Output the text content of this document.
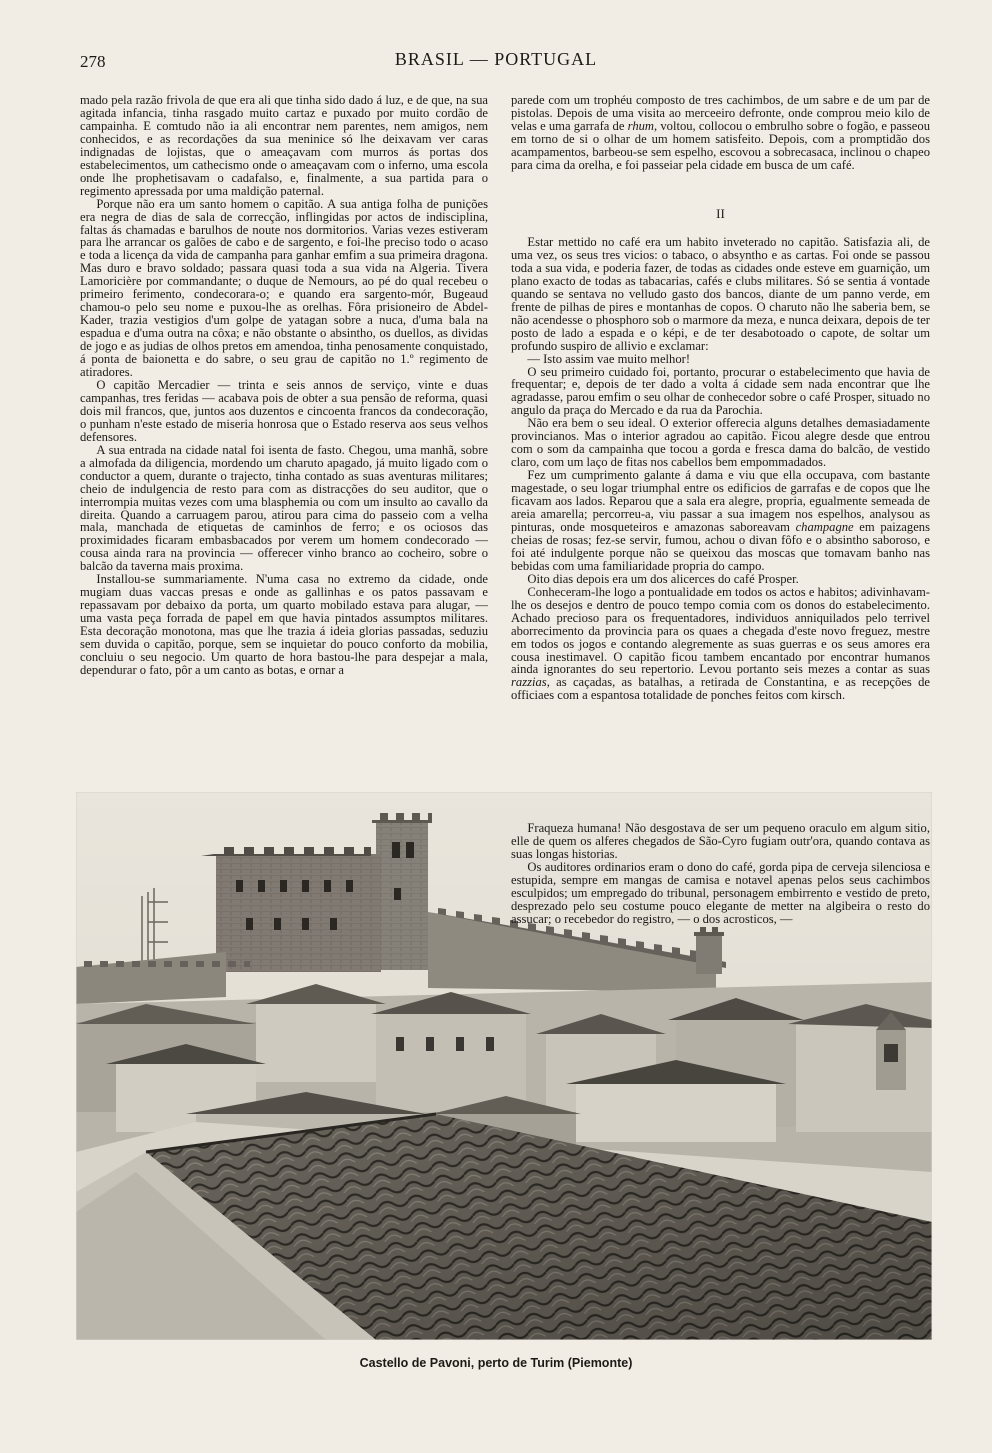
278	BRASIL — PORTUGAL

mado pela razão frivola de que era ali que tinha sido dado á luz, e de que, na sua agitada infancia, tinha rasgado muito cartaz e puxado por muito cordão de campainha. E comtudo não ia ali encontrar nem parentes, nem amigos, nem conhecidos, e as recordações da sua meninice só lhe deixavam ver caras indignadas de lojistas, que o ameaçavam com murros ás portas dos estabelecimentos, um cathecismo onde o ameaçavam com o inferno, uma escola onde lhe prophetisavam o cadafalso, e, finalmente, a sua partida para o regimento apressada por uma maldição paternal.

Porque não era um santo homem o capitão. A sua antiga folha de punições era negra de dias de sala de correcção, inflingidas por actos de indisciplina, faltas ás chamadas e barulhos de noute nos dormitorios. Varias vezes estiveram para lhe arrancar os galões de cabo e de sargento, e foi-lhe preciso todo o acaso e toda a licença da vida de campanha para ganhar emfim a sua primeira dragona. Mas duro e bravo soldado; passara quasi toda a sua vida na Algeria. Tivera Lamoricière por commandante; o duque de Nemours, ao pé do qual recebeu o primeiro ferimento, condecorara-o; e quando era sargento-mór, Bugeaud chamou-o pelo seu nome e puxou-lhe as orelhas. Fôra prisioneiro de Abdel-Kader, trazia vestigios d'um golpe de yatagan sobre a nuca, d'uma bala na espadua e d'uma outra na côxa; e não obstante o absintho, os duellos, as dividas de jogo e as judias de olhos pretos em amendoa, tinha penosamente conquistado, á ponta de baionetta e do sabre, o seu grau de capitão no 1.º regimento de atiradores.

O capitão Mercadier — trinta e seis annos de serviço, vinte e duas campanhas, tres feridas — acabava pois de obter a sua pensão de reforma, quasi dois mil francos, que, juntos aos duzentos e cincoenta francos da condecoração, o punham n'este estado de miseria honrosa que o Estado reserva aos seus velhos defensores.

A sua entrada na cidade natal foi isenta de fasto. Chegou, uma manhã, sobre a almofada da diligencia, mordendo um charuto apagado, já muito ligado com o conductor a quem, durante o trajecto, tinha contado as suas aventuras militares; cheio de indulgencia de resto para com as distracções do seu auditor, que o interrompia muitas vezes com uma blasphemia ou com um insulto ao cavallo da direita. Quando a carruagem parou, atirou para cima do passeio com a velha mala, manchada de etiquetas de caminhos de ferro; e os ociosos das proximidades ficaram embasbacados por verem um homem condecorado — cousa ainda rara na provincia — offerecer vinho branco ao cocheiro, sobre o balcão da taverna mais proxima.

Installou-se summariamente. N'uma casa no extremo da cidade, onde mugiam duas vaccas presas e onde as gallinhas e os patos passavam e repassavam por debaixo da porta, um quarto mobilado estava para alugar, — uma vasta peça forrada de papel em que havia pintados assumptos militares. Esta decoração monotona, mas que lhe trazia á ideia glorias passadas, seduziu sem duvida o capitão, porque, sem se inquietar do pouco conforto da mobilia, concluiu o seu negocio. Um quarto de hora bastou-lhe para despejar a mala, dependurar o fato, pôr a um canto as botas, e ornar a

parede com um trophéu composto de tres cachimbos, de um sabre e de um par de pistolas. Depois de uma visita ao merceeiro defronte, onde comprou meio kilo de velas e uma garrafa de rhum, voltou, collocou o embrulho sobre o fogão, e passeou em torno de si o olhar de um homem satisfeito. Depois, com a promptidão dos acampamentos, barbeou-se sem espelho, escovou a sobrecasaca, inclinou o chapeo para cima da orelha, e foi passeiar pela cidade em busca de um café.

II

Estar mettido no café era um habito inveterado no capitão. Satisfazia ali, de uma vez, os seus tres vicios: o tabaco, o absyntho e as cartas. Foi onde se passou toda a sua vida, e poderia fazer, de todas as cidades onde esteve em guarnição, um plano exacto de todas as tabacarias, cafés e clubs militares. Só se sentia á vontade quando se sentava no velludo gasto dos bancos, diante de um panno verde, em frente de pilhas de pires e montanhas de copos. O charuto não lhe saberia bem, se não acendesse o phosphoro sob o marmore da meza, e nunca deixara, depois de ter posto de lado a espada e o képi, e de ter desabotoado o capote, de soltar um profundo suspiro de allivio e exclamar:

— Isto assim vae muito melhor!

O seu primeiro cuidado foi, portanto, procurar o estabelecimento que havia de frequentar; e, depois de ter dado a volta á cidade sem nada encontrar que lhe agradasse, parou emfim o seu olhar de conhecedor sobre o café Prosper, situado no angulo da praça do Mercado e da rua da Parochia.

Não era bem o seu ideal. O exterior offerecia alguns detalhes demasiadamente provincianos. Mas o interior agradou ao capitão. Ficou alegre desde que entrou com o som da campainha que tocou a gorda e fresca dama do balcão, de vestido claro, com um laço de fitas nos cabellos bem empommadados.

Fez um cumprimento galante á dama e viu que ella occupava, com bastante magestade, o seu logar triumphal entre os edificios de garrafas e de copos que lhe ficavam aos lados. Reparou que a sala era alegre, propria, egualmente semeada de areia amarella; percorreu-a, viu passar a sua imagem nos espelhos, analysou as pinturas, onde mosqueteiros e amazonas saboreavam champagne em paizagens cheias de rosas; fez-se servir, fumou, achou o divan fôfo e o absintho saboroso, e foi até indulgente porque não se queixou das moscas que tomavam banho nas bebidas com uma familiaridade propria do campo.

Oito dias depois era um dos alicerces do café Prosper.

Conheceram-lhe logo a pontualidade em todos os actos e habitos; adivinhavam-lhe os desejos e dentro de pouco tempo comia com os donos do estabelecimento. Achado precioso para os frequentadores, individuos anniquilados pelo terrivel aborrecimento da provincia para os quaes a chegada d'este novo freguez, mestre em todos os jogos e contando alegremente as suas guerras e os seus amores era cousa inestimavel. O capitão ficou tambem encantado por encontrar humanos ainda ignorantes do seu repertorio. Levou portanto seis mezes a contar as suas razzias, as caçadas, as batalhas, a retirada de Constantina, e as recepções de officiaes com a espantosa totalidade de ponches feitos com kirsch.

Fraqueza humana! Não desgostava de ser um pequeno oraculo em algum sitio, elle de quem os alferes chegados de São-Cyro fugiam outr'ora, quando contava as suas longas historias.

Os auditores ordinarios eram o dono do café, gorda pipa de cerveja silenciosa e estupida, sempre em mangas de camisa e notavel apenas pelos seus cachimbos esculpidos; um empregado do tribunal, personagem embirrento e vestido de preto, desprezado pelo seu costume pouco elegante de metter na algibeira o resto do assucar; o recebedor do registro, — o dos acrosticos, —

Castello de Pavoni, perto de Turim (Piemonte)
